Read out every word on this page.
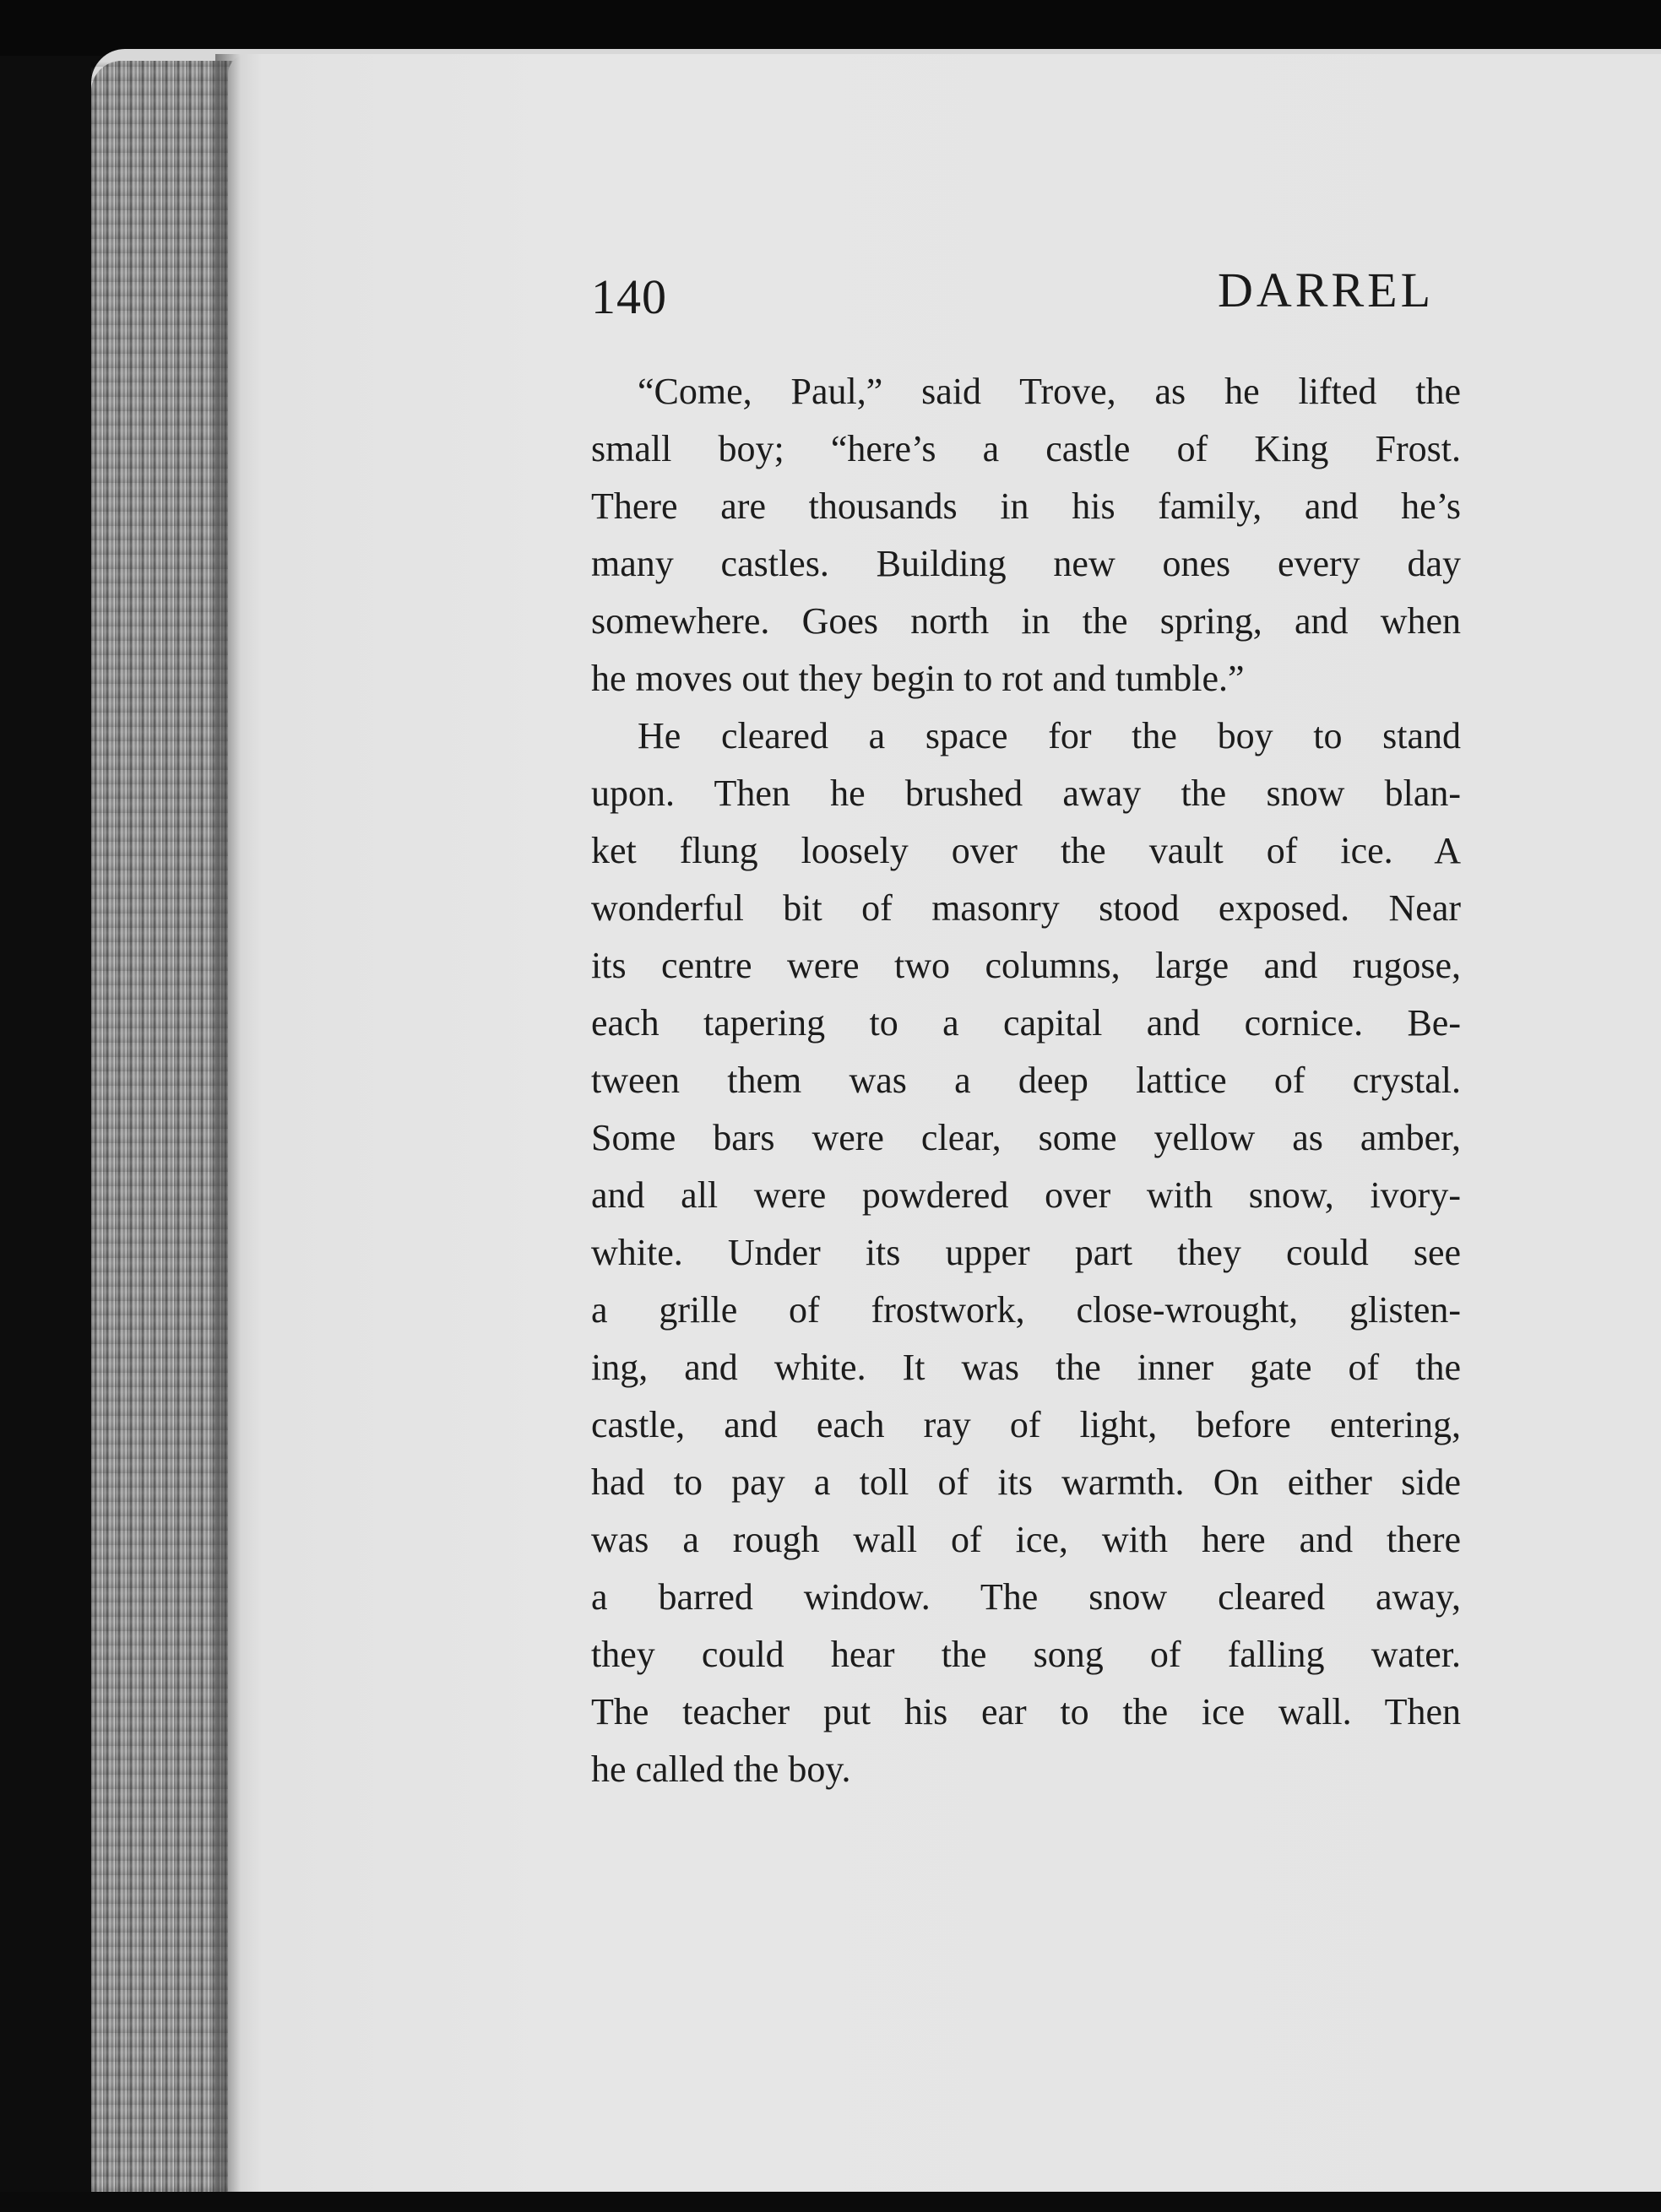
140	DARREL
“Come, Paul,” said Trove, as he lifted the
small boy; “here’s a castle of King Frost.
There are thousands in his family, and he’s
many castles. Building new ones every day
somewhere. Goes north in the spring, and when
he moves out they begin to rot and tumble.”
He cleared a space for the boy to stand
upon. Then he brushed away the snow blan-
ket flung loosely over the vault of ice. A
wonderful bit of masonry stood exposed. Near
its centre were two columns, large and rugose,
each tapering to a capital and cornice. Be-
tween them was a deep lattice of crystal.
Some bars were clear, some yellow as amber,
and all were powdered over with snow, ivory-
white. Under its upper part they could see
a grille of frostwork, close-wrought, glisten-
ing, and white. It was the inner gate of the
castle, and each ray of light, before entering,
had to pay a toll of its warmth. On either side
was a rough wall of ice, with here and there
a barred window. The snow cleared away,
they could hear the song of falling water.
The teacher put his ear to the ice wall. Then
he called the boy.
